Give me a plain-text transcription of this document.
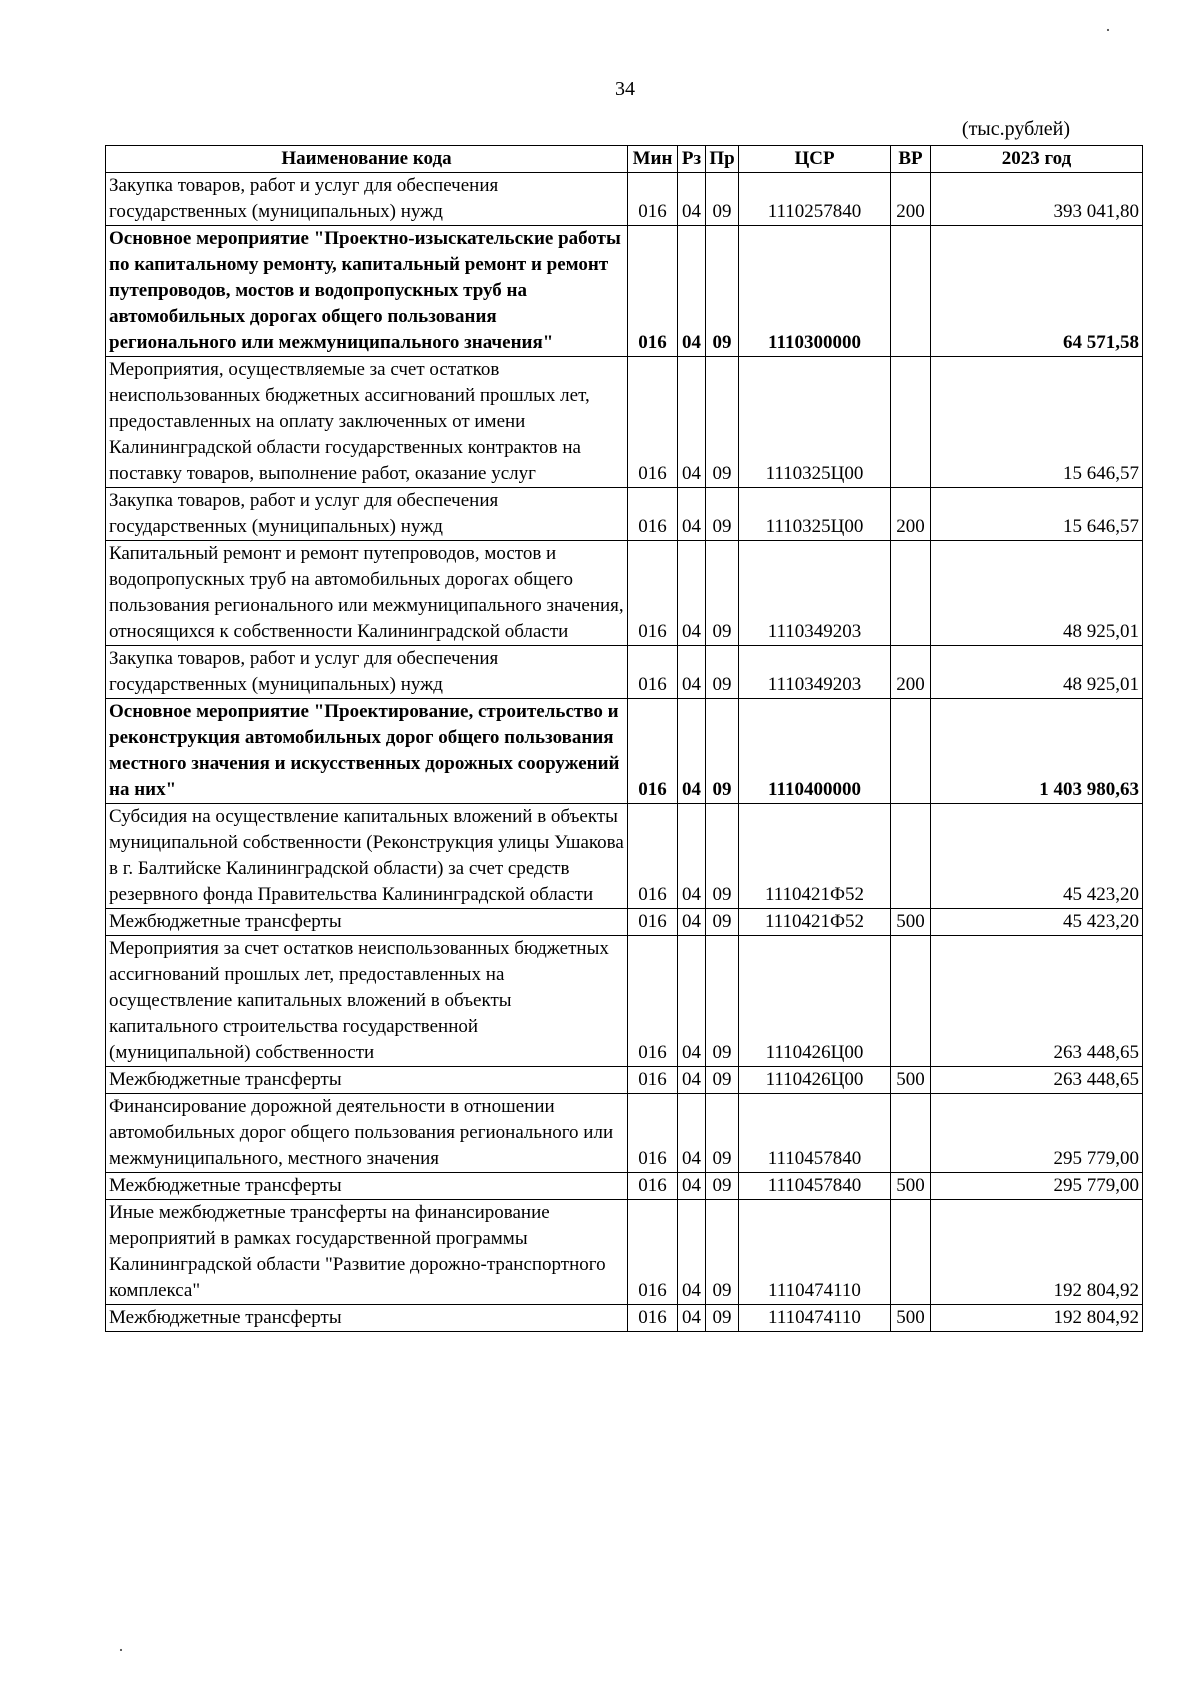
34
(тыс.рублей)
Наименование кода	Мин	Рз	Пр	ЦСР	ВР	2023 год
Закупка товаров, работ и услуг для обеспечения государственных (муниципальных) нужд	016	04	09	1110257840	200	393 041,80
Основное мероприятие "Проектно-изыскательские работы по капитальному ремонту, капитальный ремонт и ремонт путепроводов, мостов и водопропускных труб на автомобильных дорогах общего пользования регионального или межмуниципального значения"	016	04	09	1110300000		64 571,58
Мероприятия, осуществляемые за счет остатков неиспользованных бюджетных ассигнований прошлых лет, предоставленных на оплату заключенных от имени Калининградской области государственных контрактов на поставку товаров, выполнение работ, оказание услуг	016	04	09	1110325Ц00		15 646,57
Закупка товаров, работ и услуг для обеспечения государственных (муниципальных) нужд	016	04	09	1110325Ц00	200	15 646,57
Капитальный ремонт и ремонт путепроводов, мостов и водопропускных труб на автомобильных дорогах общего пользования регионального или межмуниципального значения, относящихся к собственности Калининградской области	016	04	09	1110349203		48 925,01
Закупка товаров, работ и услуг для обеспечения государственных (муниципальных) нужд	016	04	09	1110349203	200	48 925,01
Основное мероприятие "Проектирование, строительство и реконструкция автомобильных дорог общего пользования местного значения и искусственных дорожных сооружений на них"	016	04	09	1110400000		1 403 980,63
Субсидия на осуществление капитальных вложений в объекты муниципальной собственности (Реконструкция улицы Ушакова в г. Балтийске Калининградской области) за счет средств резервного фонда Правительства Калининградской области	016	04	09	1110421Ф52		45 423,20
Межбюджетные трансферты	016	04	09	1110421Ф52	500	45 423,20
Мероприятия за счет остатков неиспользованных бюджетных ассигнований прошлых лет, предоставленных на осуществление капитальных вложений в объекты капитального строительства государственной (муниципальной) собственности	016	04	09	1110426Ц00		263 448,65
Межбюджетные трансферты	016	04	09	1110426Ц00	500	263 448,65
Финансирование дорожной деятельности в отношении автомобильных дорог общего пользования регионального или межмуниципального, местного значения	016	04	09	1110457840		295 779,00
Межбюджетные трансферты	016	04	09	1110457840	500	295 779,00
Иные межбюджетные трансферты на финансирование мероприятий в рамках государственной программы Калининградской области "Развитие дорожно-транспортного комплекса"	016	04	09	1110474110		192 804,92
Межбюджетные трансферты	016	04	09	1110474110	500	192 804,92
·
·
